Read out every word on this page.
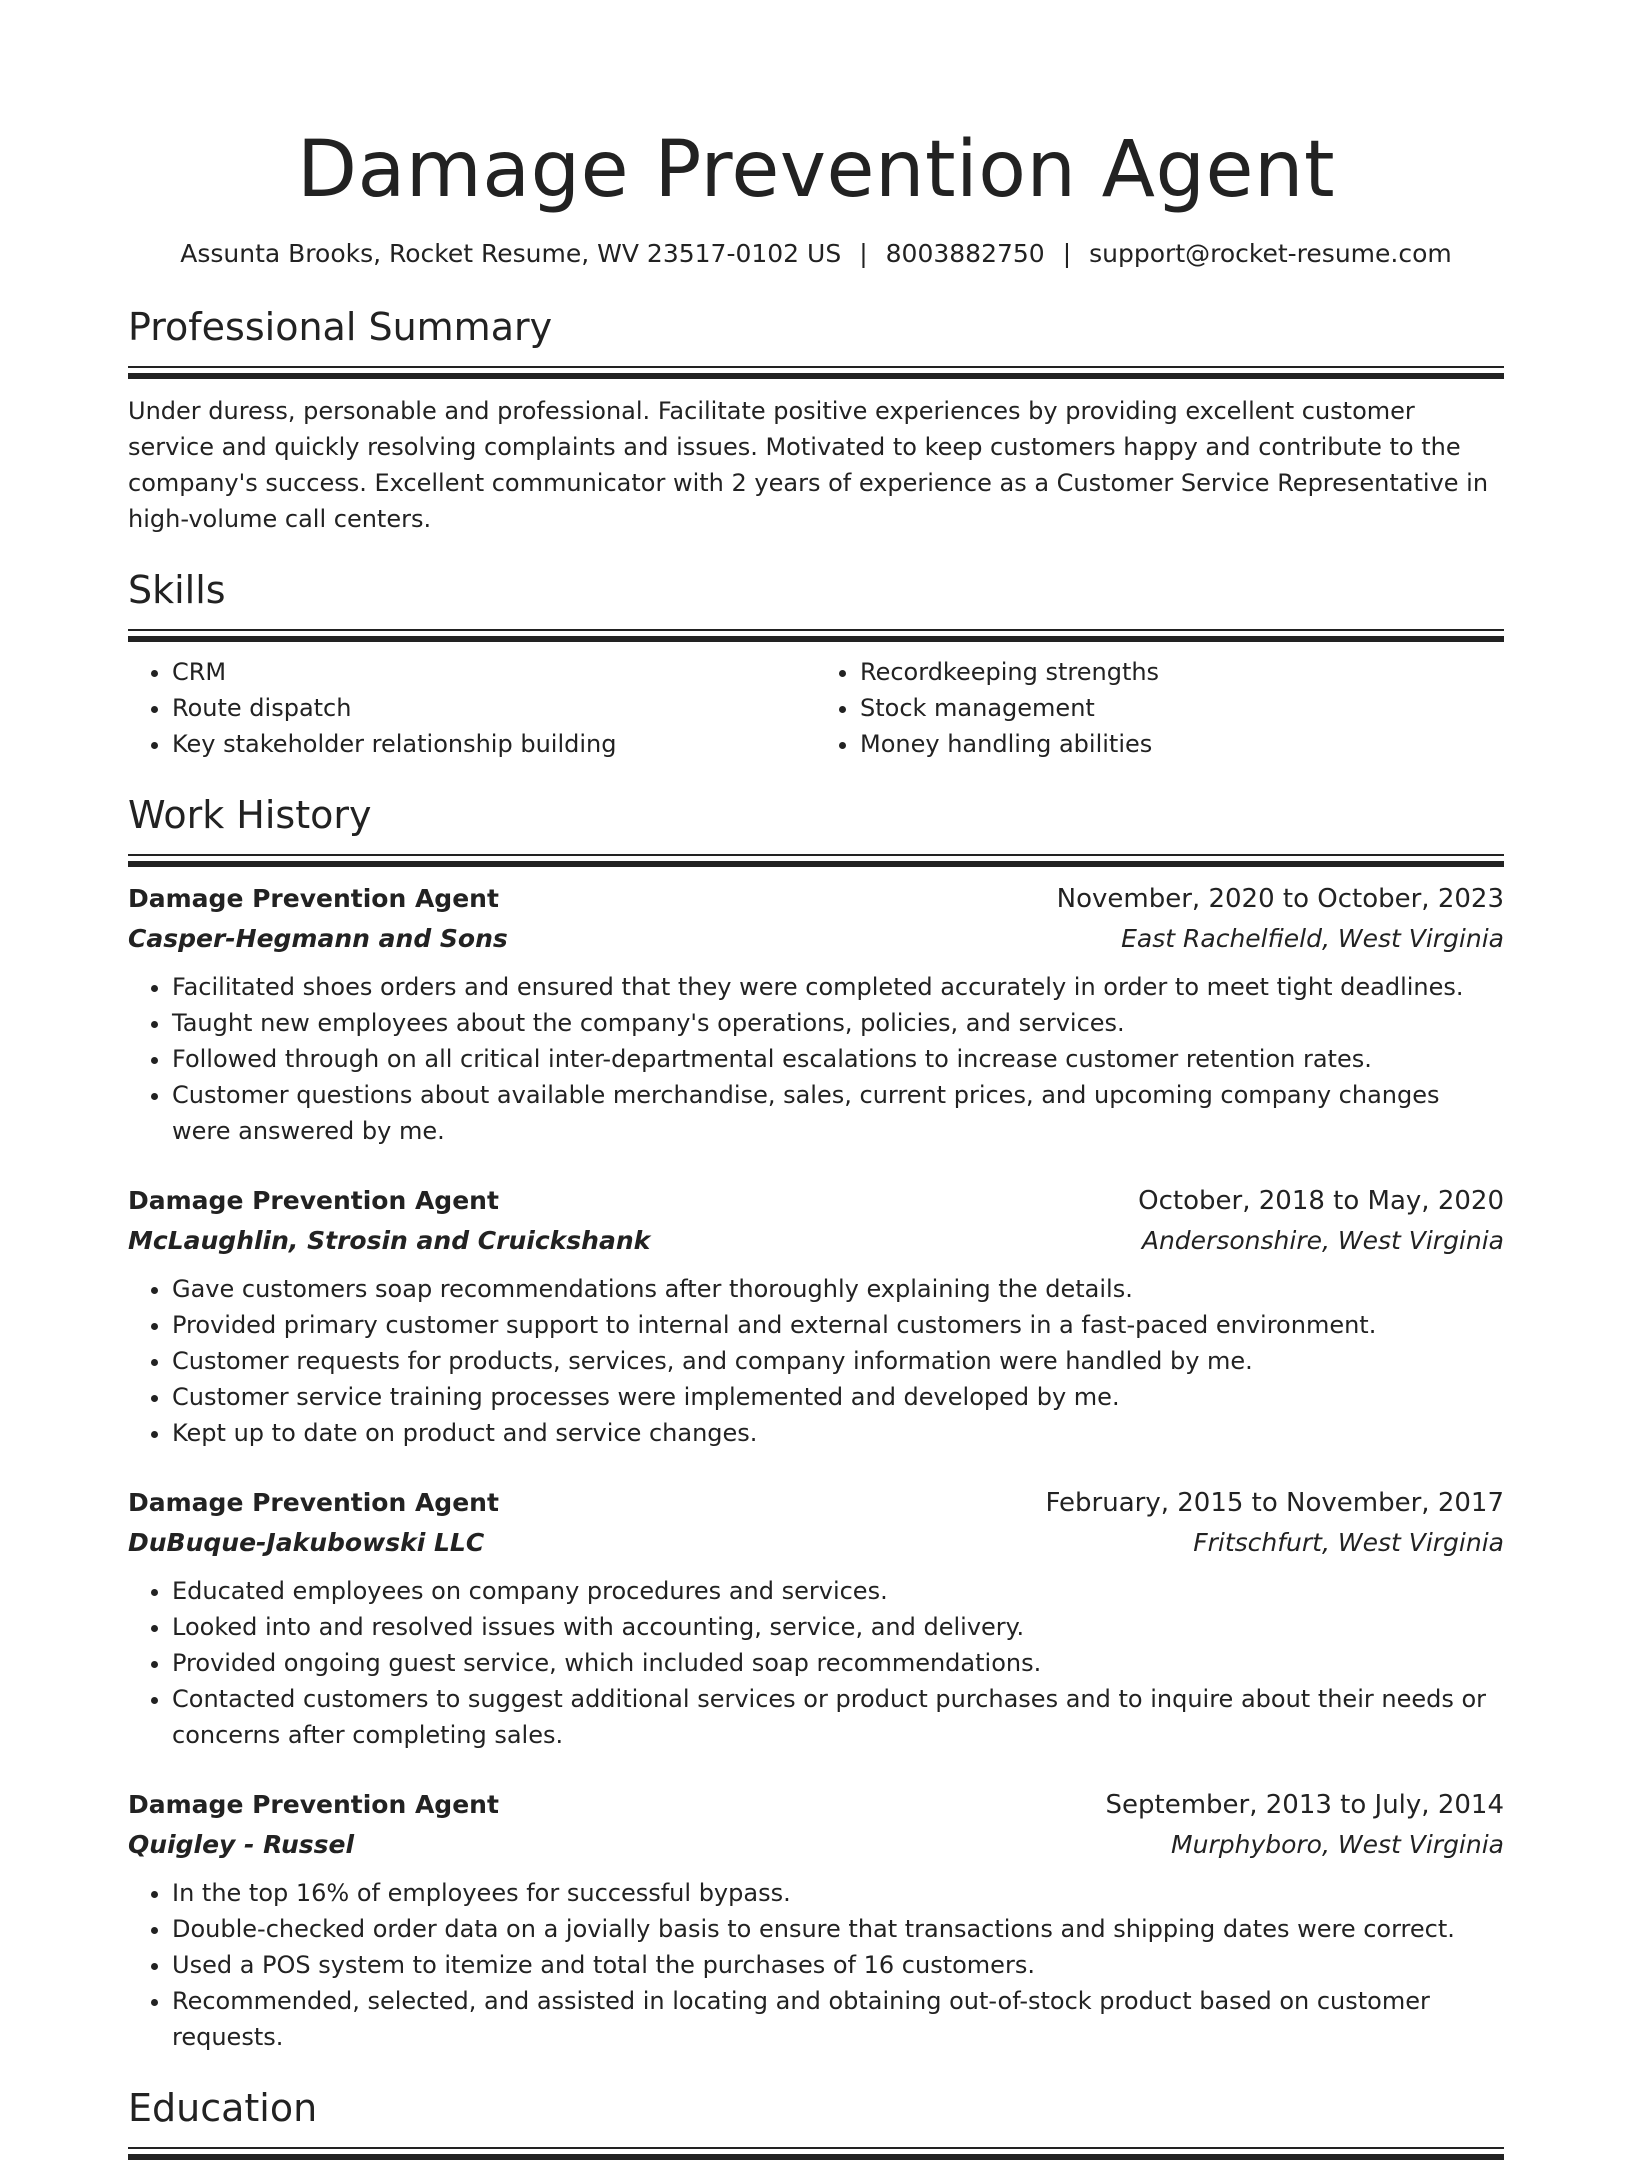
Damage Prevention Agent
Assunta Brooks, Rocket Resume, WV 23517-0102 US | 8003882750 | support@rocket-resume.com
Professional Summary
Under duress, personable and professional. Facilitate positive experiences by providing excellent customer service and quickly resolving complaints and issues. Motivated to keep customers happy and contribute to the company's success. Excellent communicator with 2 years of experience as a Customer Service Representative in high-volume call centers.
Skills
• CRM
• Route dispatch
• Key stakeholder relationship building
• Recordkeeping strengths
• Stock management
• Money handling abilities
Work History
Damage Prevention Agent	November, 2020 to October, 2023
Casper-Hegmann and Sons	East Rachelfield, West Virginia
• Facilitated shoes orders and ensured that they were completed accurately in order to meet tight deadlines.
• Taught new employees about the company's operations, policies, and services.
• Followed through on all critical inter-departmental escalations to increase customer retention rates.
• Customer questions about available merchandise, sales, current prices, and upcoming company changes were answered by me.
Damage Prevention Agent	October, 2018 to May, 2020
McLaughlin, Strosin and Cruickshank	Andersonshire, West Virginia
• Gave customers soap recommendations after thoroughly explaining the details.
• Provided primary customer support to internal and external customers in a fast-paced environment.
• Customer requests for products, services, and company information were handled by me.
• Customer service training processes were implemented and developed by me.
• Kept up to date on product and service changes.
Damage Prevention Agent	February, 2015 to November, 2017
DuBuque-Jakubowski LLC	Fritschfurt, West Virginia
• Educated employees on company procedures and services.
• Looked into and resolved issues with accounting, service, and delivery.
• Provided ongoing guest service, which included soap recommendations.
• Contacted customers to suggest additional services or product purchases and to inquire about their needs or concerns after completing sales.
Damage Prevention Agent	September, 2013 to July, 2014
Quigley - Russel	Murphyboro, West Virginia
• In the top 16% of employees for successful bypass.
• Double-checked order data on a jovially basis to ensure that transactions and shipping dates were correct.
• Used a POS system to itemize and total the purchases of 16 customers.
• Recommended, selected, and assisted in locating and obtaining out-of-stock product based on customer requests.
Education
